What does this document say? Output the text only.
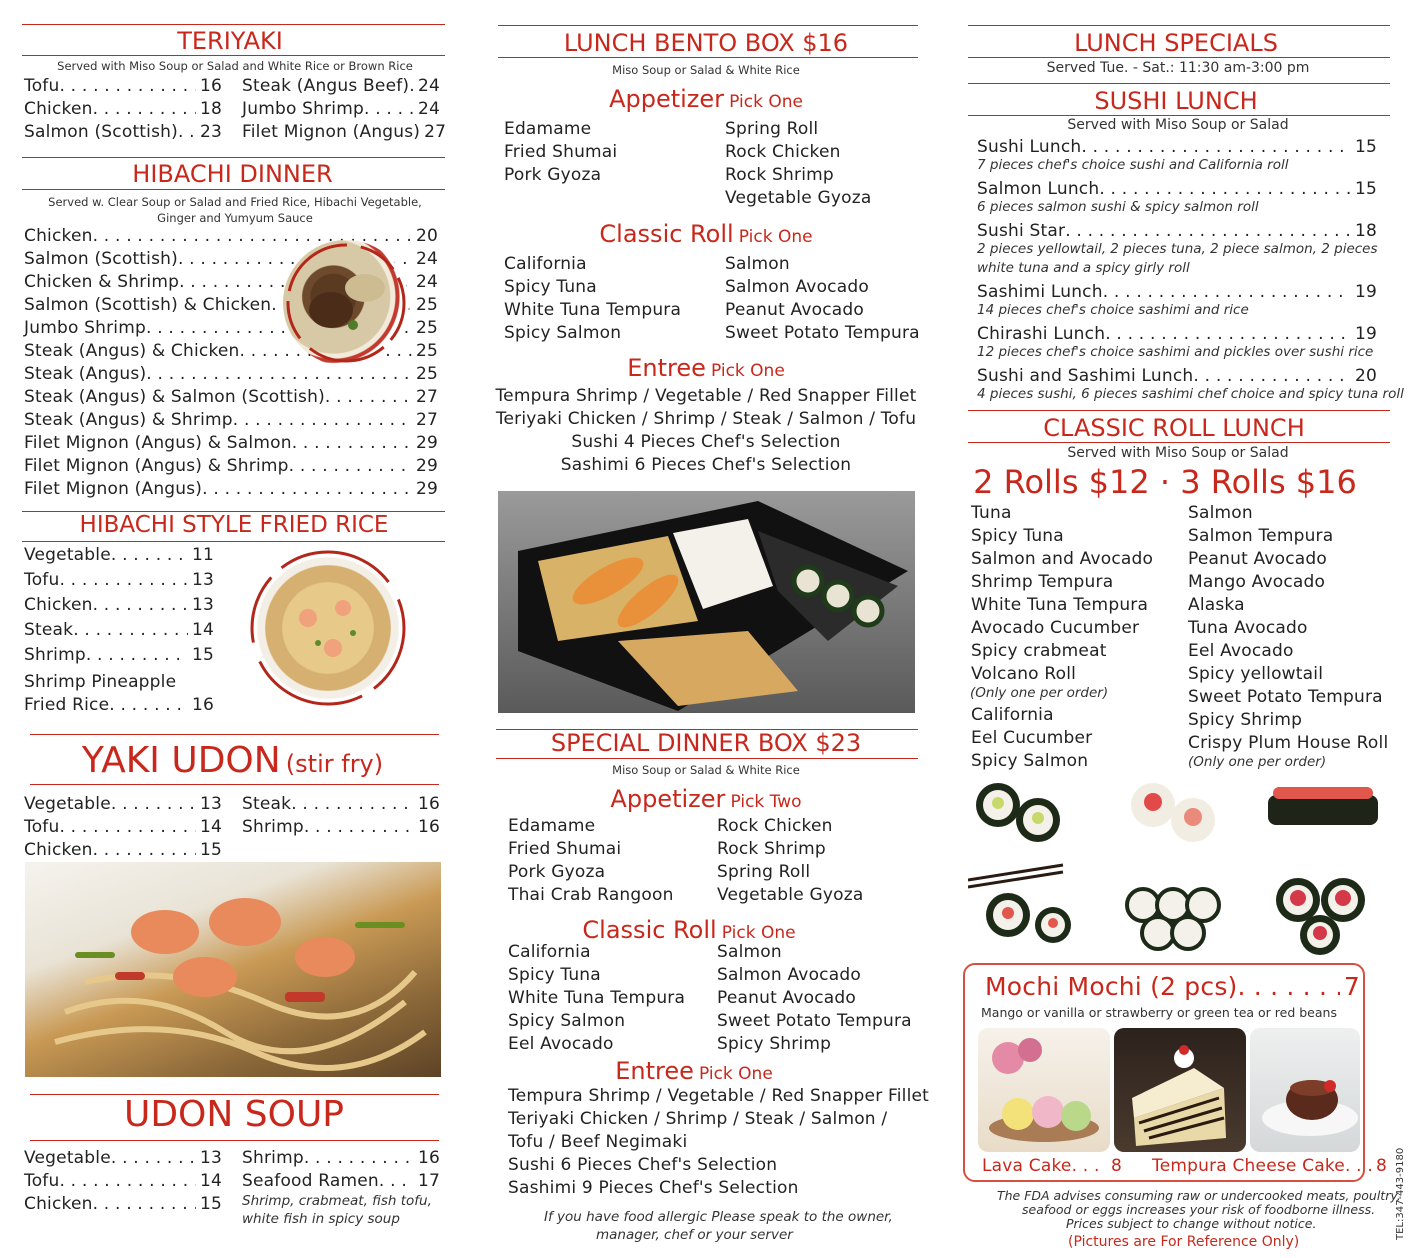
TERIYAKI
Served with Miso Soup or Salad and White Rice or Brown Rice
Tofu . . .	16
Chicken . . .	18
Salmon (Scottish) . . . 23
Steak (Angus Beef) . . . 24
Jumbo Shrimp . . .	24
Filet Mignon (Angus) 27
HIBACHI DINNER
Served w. Clear Soup or Salad and Fried Rice, Hibachi Vegetable,
Ginger and Yumyum Sauce
Chicken . . .	20
Salmon (Scottish) . . .	24
Chicken & Shrimp . . .	24
Salmon (Scottish) & Chicken . . .	25
Jumbo Shrimp . . .	25
Steak (Angus) & Chicken . . .	25
Steak (Angus) . . .	25
Steak (Angus) & Salmon (Scottish) . . .	27
Steak (Angus) & Shrimp . . .	27
Filet Mignon (Angus) & Salmon . . .	29
Filet Mignon (Angus) & Shrimp . . .	29
Filet Mignon (Angus) . . .	29
HIBACHI STYLE FRIED RICE
Vegetable . . .	11
Tofu . . .	13
Chicken . . .	13
Steak . . .	14
Shrimp . . .	15
Shrimp Pineapple
Fried Rice . . .	16
YAKI UDON (stir fry)
Vegetable . . .	13
Tofu . . .	14
Chicken . . .	15
Steak . . .	16
Shrimp . . .	16
UDON SOUP
Vegetable . . .	13
Tofu . . .	14
Chicken . . .	15
Shrimp . . .	16
Seafood Ramen . . . 17
Shrimp, crabmeat, fish tofu,
white fish in spicy soup
LUNCH BENTO BOX $16
Miso Soup or Salad & White Rice
Appetizer Pick One
Edamame
Fried Shumai
Pork Gyoza
Spring Roll
Rock Chicken
Rock Shrimp
Vegetable Gyoza
Classic Roll Pick One
California
Spicy Tuna
White Tuna Tempura
Spicy Salmon
Salmon
Salmon Avocado
Peanut Avocado
Sweet Potato Tempura
Entree Pick One
Tempura Shrimp / Vegetable / Red Snapper Fillet
Teriyaki Chicken / Shrimp / Steak / Salmon / Tofu
Sushi 4 Pieces Chef's Selection
Sashimi 6 Pieces Chef's Selection
SPECIAL DINNER BOX $23
Miso Soup or Salad & White Rice
Appetizer Pick Two
Edamame
Fried Shumai
Pork Gyoza
Thai Crab Rangoon
Rock Chicken
Rock Shrimp
Spring Roll
Vegetable Gyoza
Classic Roll Pick One
California
Spicy Tuna
White Tuna Tempura
Spicy Salmon
Eel Avocado
Salmon
Salmon Avocado
Peanut Avocado
Sweet Potato Tempura
Spicy Shrimp
Entree Pick One
Tempura Shrimp / Vegetable / Red Snapper Fillet
Teriyaki Chicken / Shrimp / Steak / Salmon /
Tofu / Beef Negimaki
Sushi 6 Pieces Chef's Selection
Sashimi 9 Pieces Chef's Selection
If you have food allergic Please speak to the owner,
manager, chef or your server
LUNCH SPECIALS
Served Tue. - Sat.: 11:30 am-3:00 pm
SUSHI LUNCH
Served with Miso Soup or Salad
Sushi Lunch . . .	15
7 pieces chef's choice sushi and California roll
Salmon Lunch . . .	15
6 pieces salmon sushi & spicy salmon roll
Sushi Star . . .	18
2 pieces yellowtail, 2 pieces tuna, 2 piece salmon, 2 pieces
white tuna and a spicy girly roll
Sashimi Lunch . . .	19
14 pieces chef's choice sashimi and rice
Chirashi Lunch . . .	19
12 pieces chef's choice sashimi and pickles over sushi rice
Sushi and Sashimi Lunch . . .	20
4 pieces sushi, 6 pieces sashimi chef choice and spicy tuna roll
CLASSIC ROLL LUNCH
Served with Miso Soup or Salad
2 Rolls $12 · 3 Rolls $16
Tuna
Spicy Tuna
Salmon and Avocado
Shrimp Tempura
White Tuna Tempura
Avocado Cucumber
Spicy crabmeat
Volcano Roll
(Only one per order)
California
Eel Cucumber
Spicy Salmon
Salmon
Salmon Tempura
Peanut Avocado
Mango Avocado
Alaska
Tuna Avocado
Eel Avocado
Spicy yellowtail
Sweet Potato Tempura
Spicy Shrimp
Crispy Plum House Roll
(Only one per order)
Mochi Mochi (2 pcs) . . .	7
Mango or vanilla or strawberry or green tea or red beans
Lava Cake . . . 8 Tempura Cheese Cake . . . 8
The FDA advises consuming raw or undercooked meats, poultry,
seafood or eggs increases your risk of foodborne illness.
Prices subject to change without notice.
(Pictures are For Reference Only)
TEL:347-443-9180
